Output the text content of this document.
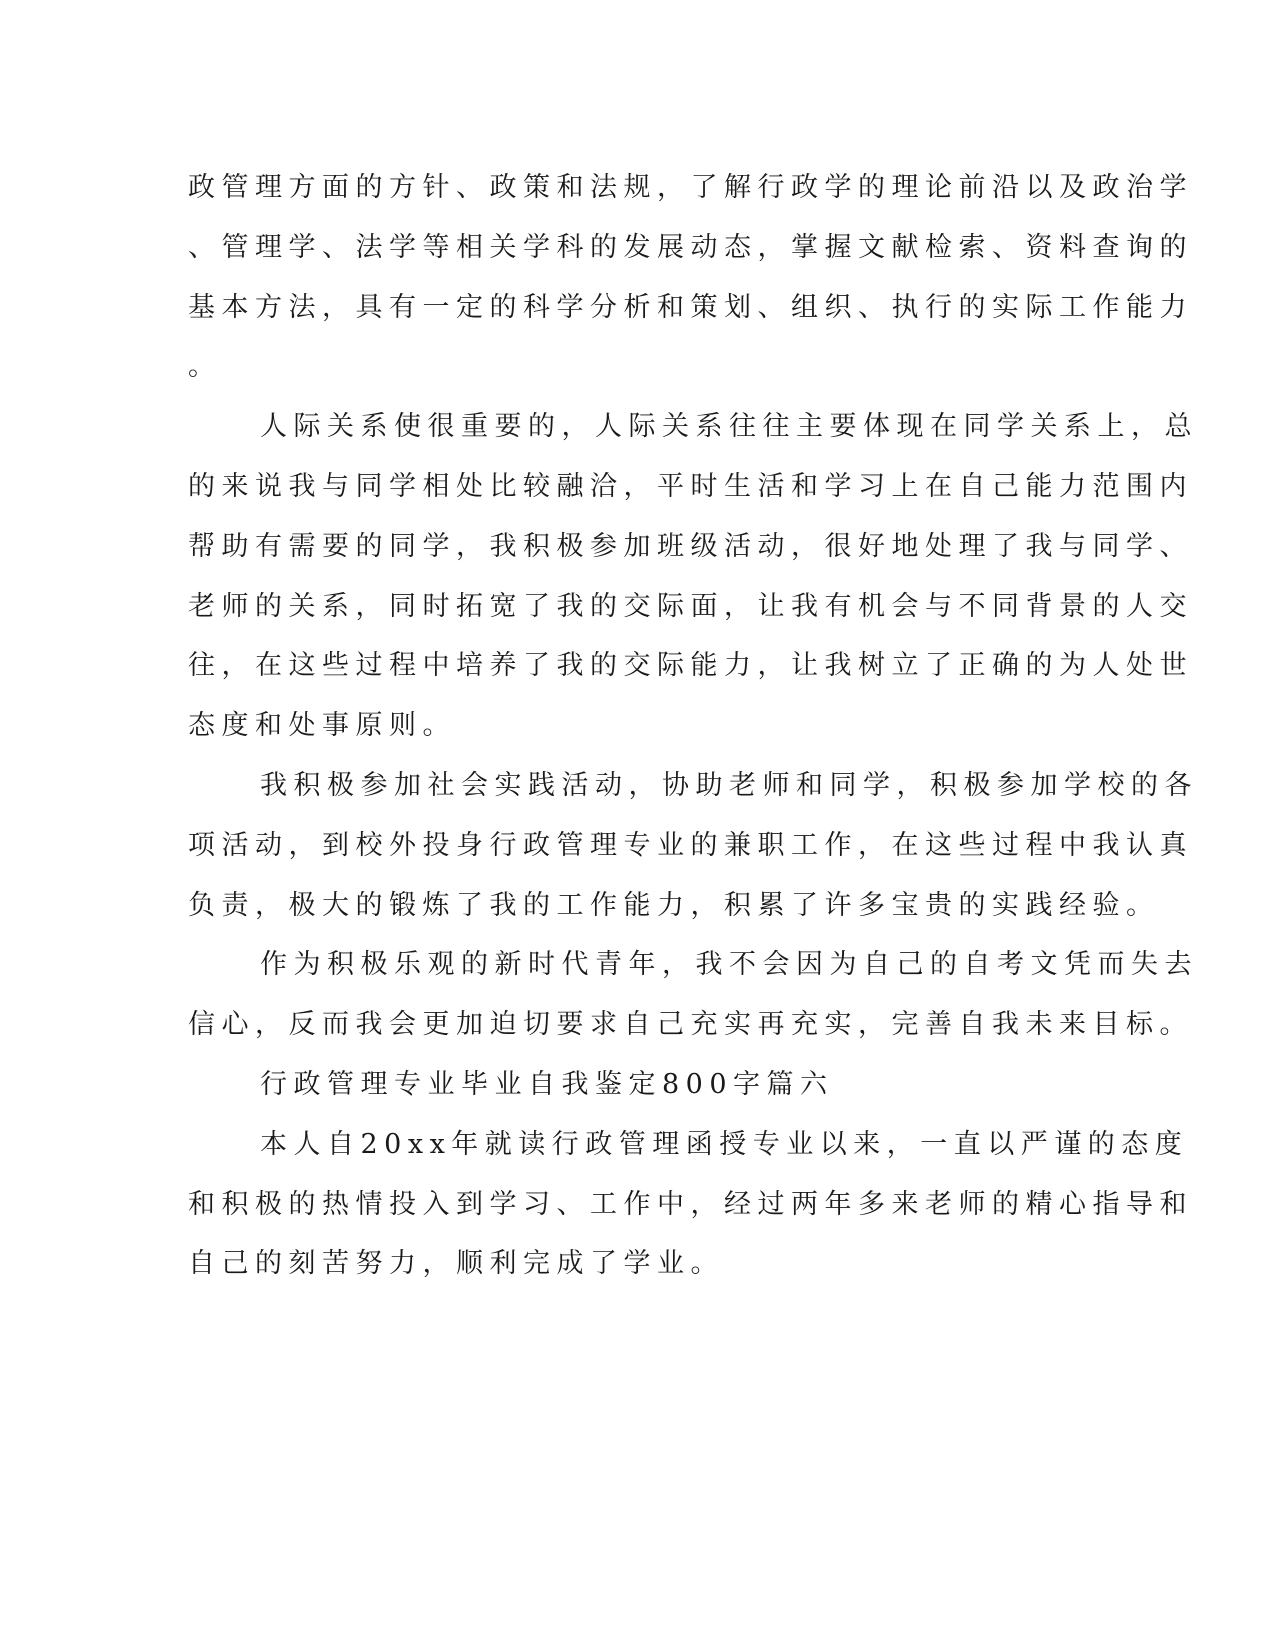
政管理方面的方针、政策和法规，了解行政学的理论前沿以及政治学
、管理学、法学等相关学科的发展动态，掌握文献检索、资料查询的
基本方法，具有一定的科学分析和策划、组织、执行的实际工作能力
。
人际关系使很重要的，人际关系往往主要体现在同学关系上，总
的来说我与同学相处比较融洽，平时生活和学习上在自己能力范围内
帮助有需要的同学，我积极参加班级活动，很好地处理了我与同学、
老师的关系，同时拓宽了我的交际面，让我有机会与不同背景的人交
往，在这些过程中培养了我的交际能力，让我树立了正确的为人处世
态度和处事原则。
我积极参加社会实践活动，协助老师和同学，积极参加学校的各
项活动，到校外投身行政管理专业的兼职工作，在这些过程中我认真
负责，极大的锻炼了我的工作能力，积累了许多宝贵的实践经验。
作为积极乐观的新时代青年，我不会因为自己的自考文凭而失去
信心，反而我会更加迫切要求自己充实再充实，完善自我未来目标。
行政管理专业毕业自我鉴定800字篇六
本人自20xx年就读行政管理函授专业以来，一直以严谨的态度
和积极的热情投入到学习、工作中，经过两年多来老师的精心指导和
自己的刻苦努力，顺利完成了学业。
